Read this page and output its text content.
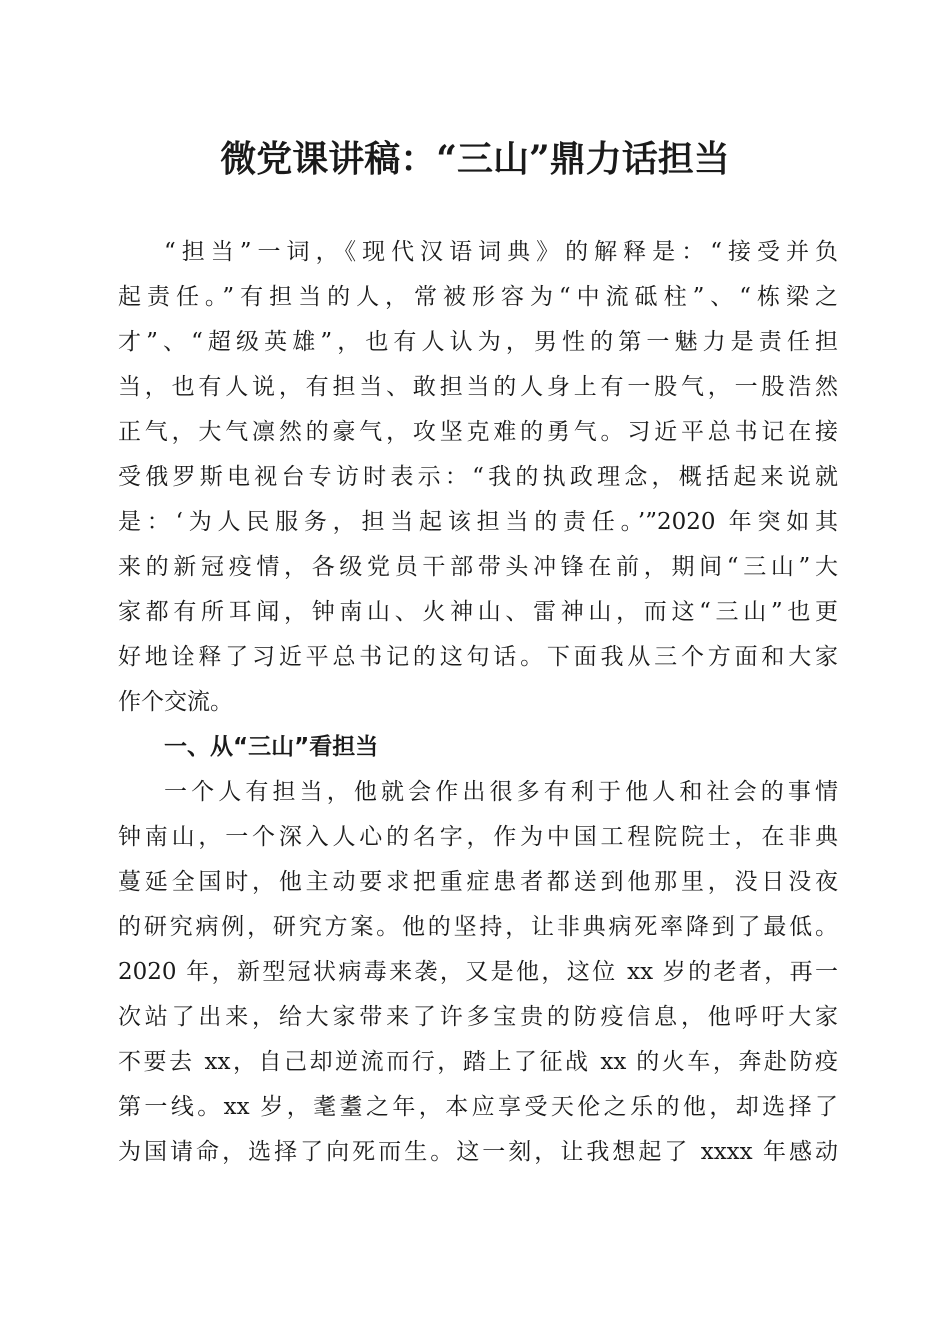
微党课讲稿：“三山”鼎力话担当
“担当”一词，《现代汉语词典》的解释是：“接受并负
起责任。”有担当的人，常被形容为“中流砥柱”、“栋梁之
才”、“超级英雄”，也有人认为，男性的第一魅力是责任担
当，也有人说，有担当、敢担当的人身上有一股气，一股浩然
正气，大气凛然的豪气，攻坚克难的勇气。习近平总书记在接
受俄罗斯电视台专访时表示：“我的执政理念，概括起来说就
是：‘为人民服务，担当起该担当的责任。’”2020 年突如其
来的新冠疫情，各级党员干部带头冲锋在前，期间“三山”大
家都有所耳闻，钟南山、火神山、雷神山，而这“三山”也更
好地诠释了习近平总书记的这句话。下面我从三个方面和大家
作个交流。
一、从“三山”看担当
一个人有担当，他就会作出很多有利于他人和社会的事情
钟南山，一个深入人心的名字，作为中国工程院院士，在非典
蔓延全国时，他主动要求把重症患者都送到他那里，没日没夜
的研究病例，研究方案。他的坚持，让非典病死率降到了最低。
2020 年，新型冠状病毒来袭，又是他，这位 xx 岁的老者，再一
次站了出来，给大家带来了许多宝贵的防疫信息，他呼吁大家
不要去 xx，自己却逆流而行，踏上了征战 xx 的火车，奔赴防疫
第一线。xx 岁，耄耋之年，本应享受天伦之乐的他，却选择了
为国请命，选择了向死而生。这一刻，让我想起了 xxxx 年感动
